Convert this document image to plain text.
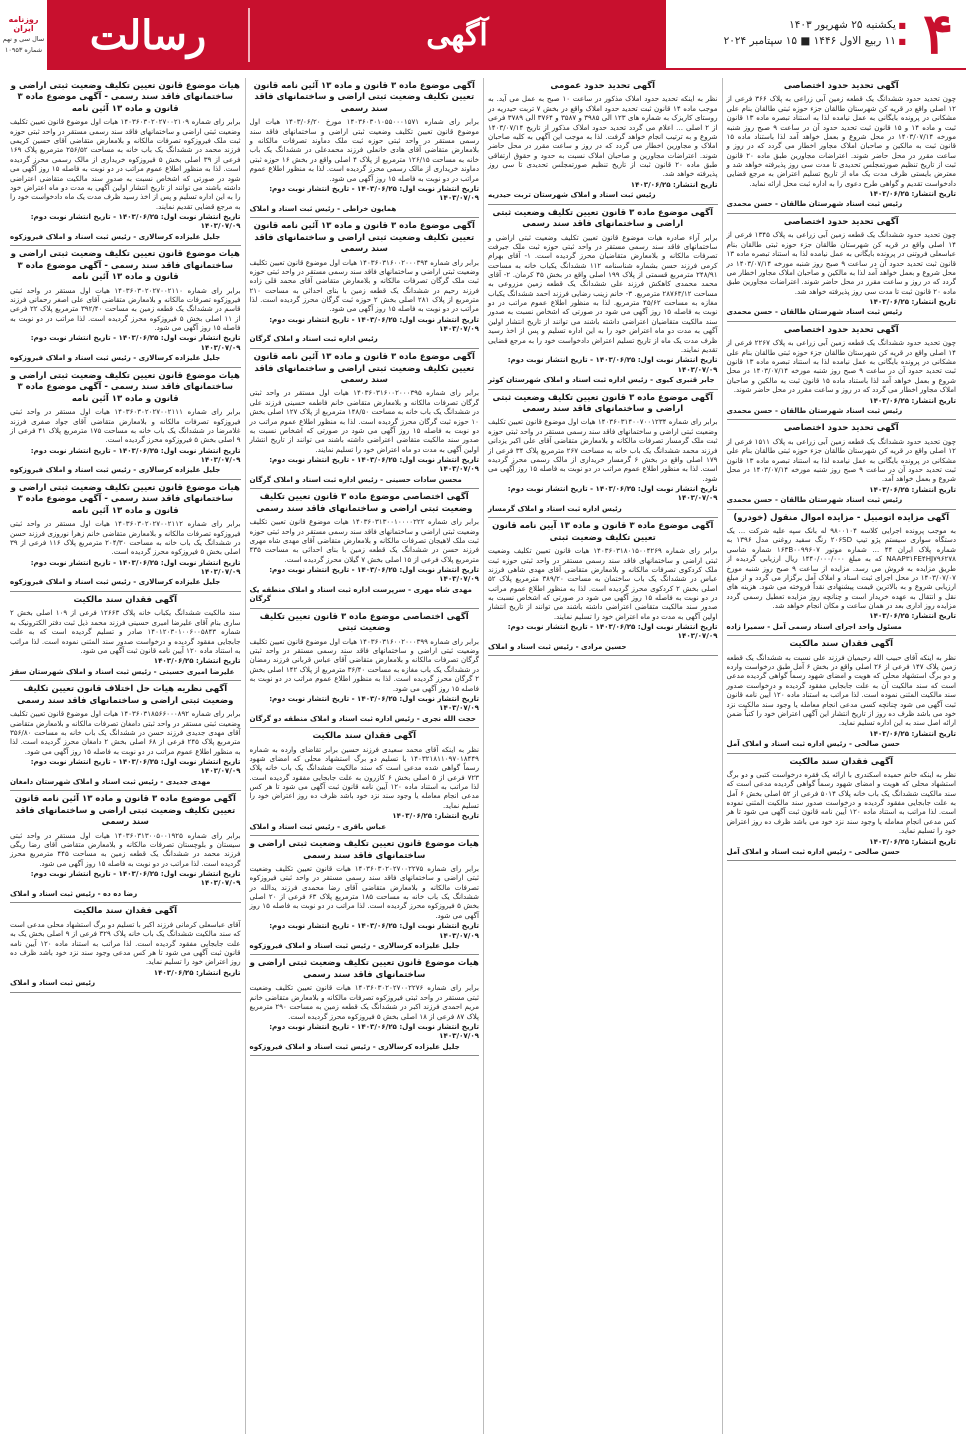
روزنامه ایران
سال سی و نهم
شماره ۱۰۹۵۳ رسالت	آگهی
■	یکشنبه ۲۵ شهریور ۱۴۰۳
■ ۱۱ ربیع الاول ۱۴۴۶ ■ ۱۵ سپتامبر ۲۰۲۴ ۴
آگهی تحدید حدود اختصاصی
چون تحدید حدود ششدانگ یک قطعه زمین آبی زراعی به پلاک ۳۶۶ فرعی از ۱۲ اصلی واقع در قریه کن شهرستان طالقان جزء حوزه ثبتی طالقان بنام علی مشکانی در پرونده بایگانی به عمل نیامده لذا به استناد تبصره ماده ۱۳ قانون ثبت و ماده ۱۴ و ۱۵ قانون ثبت تحدید حدود آن در ساعت ۹ صبح روز شنبه مورخه ۱۴۰۳/۰۷/۱۴ در محل شروع و بعمل خواهد آمد لذا باستناد ماده ۱۵ قانون ثبت به مالکین و صاحبان املاک مجاور اخطار می گردد که در روز و ساعت مقرر در محل حاضر شوند. اعتراضات مجاورین طبق ماده ۲۰ قانون ثبت از تاریخ تنظیم صورتمجلس تحدیدی تا مدت سی روز پذیرفته خواهد شد و معترض بایستی ظرف مدت یک ماه از تاریخ تسلیم اعتراض به مرجع قضایی دادخواست تقدیم و گواهی طرح دعوی را به اداره ثبت محل ارائه نماید.
تاریخ انتشار: ۱۴۰۳/۰۶/۲۵
رئیس ثبت اسناد شهرستان طالقان - حسن محمدی
آگهی تحدید حدود اختصاصی
چون تحدید حدود ششدانگ یک قطعه زمین آبی زراعی به پلاک ۱۳۴۵ فرعی از ۱۴ اصلی واقع در قریه کن شهرستان طالقان جزء حوزه ثبتی طالقان بنام عباسعلی فروتنی در پرونده بایگانی به عمل نیامده لذا به استناد تبصره ماده ۱۳ قانون ثبت تحدید حدود آن در ساعت ۹ صبح روز شنبه مورخه ۱۴۰۳/۰۷/۱۴ در محل شروع و بعمل خواهد آمد لذا به مالکین و صاحبان املاک مجاور اخطار می گردد که در روز و ساعت مقرر در محل حاضر شوند. اعتراضات مجاورین طبق ماده ۲۰ قانون ثبت تا مدت سی روز پذیرفته خواهد شد.
تاریخ انتشار: ۱۴۰۳/۰۶/۲۵
رئیس ثبت اسناد شهرستان طالقان - حسن محمدی
آگهی تحدید حدود اختصاصی
چون تحدید حدود ششدانگ یک قطعه زمین آبی زراعی به پلاک ۲۲۶۷ فرعی از ۱۴ اصلی واقع در قریه کن شهرستان طالقان جزء حوزه ثبتی طالقان بنام علی مشکانی در پرونده بایگانی به عمل نیامده لذا به استناد تبصره ماده ۱۳ قانون ثبت تحدید حدود آن در ساعت ۹ صبح روز شنبه مورخه ۱۴۰۳/۰۷/۱۴ در محل شروع و بعمل خواهد آمد لذا باستناد ماده ۱۵ قانون ثبت به مالکین و صاحبان املاک مجاور اخطار می گردد که در روز و ساعت مقرر در محل حاضر شوند.
تاریخ انتشار: ۱۴۰۳/۰۶/۲۵
رئیس ثبت اسناد شهرستان طالقان - حسن محمدی
آگهی تحدید حدود اختصاصی
چون تحدید حدود ششدانگ یک قطعه زمین آبی زراعی به پلاک ۱۵۱۱ فرعی از ۱۲ اصلی واقع در قریه کن شهرستان طالقان جزء حوزه ثبتی طالقان بنام علی مشکانی در پرونده بایگانی به عمل نیامده لذا به استناد تبصره ماده ۱۳ قانون ثبت تحدید حدود آن در ساعت ۹ صبح روز شنبه مورخه ۱۴۰۳/۰۷/۱۴ در محل شروع و بعمل خواهد آمد.
تاریخ انتشار: ۱۴۰۳/۰۶/۲۵
رئیس ثبت اسناد شهرستان طالقان - حسن محمدی
آگهی مزایده اتومبیل - مزایده اموال منقول (خودرو)
به موجب پرونده اجرایی کلاسه ۹۸۰۰۱۰۴ له بانک سپه علیه شرکت ... یک دستگاه سواری سیستم پژو تیپ ۲۰۶SD رنگ سفید روغنی مدل ۱۳۹۶ به شماره پلاک ایران ۴۴ ... شماره موتور ۱۶۳B۰۰۹۹۶۰۷ شماره شاسی NAAP۳۱FE۴HJ۷۹۶۲۷۸ که به مبلغ ۱۴۴۰/۰۰۰/۰۰۰ ریال ارزیابی گردیده از طریق مزایده به فروش می رسد. مزایده از ساعت ۹ صبح روز شنبه مورخ ۱۴۰۳/۰۷/۰۷ در محل اجرای ثبت اسناد و املاک آمل برگزار می گردد و از مبلغ ارزیابی شروع و به بالاترین قیمت پیشنهادی نقداً فروخته می شود. هزینه های نقل و انتقال به عهده خریدار است و چنانچه روز مزایده تعطیل رسمی گردد مزایده روز اداری بعد در همان ساعت و مکان انجام خواهد شد.
تاریخ انتشار: ۱۴۰۳/۰۶/۲۵
مسئول واحد اجرای اسناد رسمی آمل - سمیرا زاده
آگهی فقدان سند مالکیت
نظر به اینکه آقای حبیب الله رحیمیان فرزند علی نسبت به ششدانگ یک قطعه زمین پلاک ۱۴۷ فرعی از ۲۶ اصلی واقع در بخش ۶ آمل طبق درخواست وارده و دو برگ استشهاد محلی که هویت و امضای شهود رسماً گواهی گردیده مدعی است که سند مالکیت آن به علت جابجایی مفقود گردیده و درخواست صدور سند مالکیت المثنی نموده است. لذا مراتب به استناد ماده ۱۲۰ آیین نامه قانون ثبت آگهی می شود چنانچه کسی مدعی انجام معامله یا وجود سند مالکیت نزد خود می باشد ظرف ده روز از تاریخ انتشار این آگهی اعتراض خود را کتباً ضمن ارائه اصل سند به این اداره تسلیم نماید.
تاریخ انتشار: ۱۴۰۳/۰۶/۲۵
حسن صالحی - رئیس اداره ثبت اسناد و املاک آمل
آگهی فقدان سند مالکیت
نظر به اینکه خانم حمیده اسکندری با ارائه یک فقره درخواست کتبی و دو برگ استشهاد محلی که هویت و امضای شهود رسماً گواهی گردیده مدعی است که سند مالکیت ششدانگ یک باب خانه پلاک ۵۰۱۴ فرعی از ۵۲ اصلی بخش ۶ آمل به علت جابجایی مفقود گردیده و درخواست صدور سند مالکیت المثنی نموده است. لذا مراتب به استناد ماده ۱۲۰ آیین نامه قانون ثبت آگهی می شود تا هر کس مدعی انجام معامله یا وجود سند نزد خود می باشد ظرف ده روز اعتراض خود را تسلیم نماید.
تاریخ انتشار: ۱۴۰۳/۰۶/۲۵
حسن صالحی - رئیس اداره ثبت اسناد و املاک آمل
آگهی تحدید حدود عمومی
نظر به اینکه تحدید حدود املاک مذکور در ساعت ۱۰ صبح به عمل می آید. به موجب ماده ۱۴ قانون ثبت تحدید حدود املاک واقع در بخش ۷ تربت حیدریه در روستای کاریزک به شماره های ۱۲۳ الی ۳۹۸۵ و ۳۵۸۷ و ۳۷۶۴ الی ۳۷۸۹ فرعی از ۲ اصلی ... اعلام می گردد تحدید حدود املاک مذکور از تاریخ ۱۴۰۳/۰۷/۱۴ شروع و به ترتیب انجام خواهد گرفت. لذا به موجب این آگهی به کلیه صاحبان املاک و مجاورین اخطار می گردد که در روز و ساعت مقرر در محل حاضر شوند. اعتراضات مجاورین و صاحبان املاک نسبت به حدود و حقوق ارتفاقی طبق ماده ۲۰ قانون ثبت از تاریخ تنظیم صورتمجلس تحدیدی تا سی روز پذیرفته خواهد شد.
تاریخ انتشار: ۱۴۰۳/۰۶/۲۵
رئیس ثبت اسناد و املاک شهرستان تربت حیدریه
آگهی موضوع ماده ۳ قانون تعیین تکلیف وضعیت ثبتی اراضی و ساختمانهای فاقد سند رسمی
برابر آراء صادره هیات موضوع قانون تعیین تکلیف وضعیت ثبتی اراضی و ساختمانهای فاقد سند رسمی مستقر در واحد ثبتی حوزه ثبت ملک جیرفت تصرفات مالکانه و بلامعارض متقاضیان محرز گردیده است. ۱- آقای بهرام کرمی فرزند حسن بشماره شناسنامه ۱۱۲ ششدانگ یکباب خانه به مساحت ۲۴۸/۹۱ مترمربع قسمتی از پلاک ۱۹۹ اصلی واقع در بخش ۴۵ کرمان. ۲- آقای محمد محمدی کاهکش فرزند علی ششدانگ یک قطعه زمین مزروعی به مساحت ۲۸۷۶۳/۱۲ مترمربع. ۳- خانم زینب رضایی فرزند احمد ششدانگ یکباب مغازه به مساحت ۴۵/۶۲ مترمربع. لذا به منظور اطلاع عموم مراتب در دو نوبت به فاصله ۱۵ روز آگهی می شود در صورتی که اشخاص نسبت به صدور سند مالکیت متقاضیان اعتراضی داشته باشند می توانند از تاریخ انتشار اولین آگهی به مدت دو ماه اعتراض خود را به این اداره تسلیم و پس از اخذ رسید ظرف مدت یک ماه از تاریخ تسلیم اعتراض دادخواست خود را به مرجع قضایی تقدیم نمایند.
تاریخ انتشار نوبت اول: ۱۴۰۳/۰۶/۲۵ - تاریخ انتشار نوبت دوم: ۱۴۰۳/۰۷/۰۹
جابر قنبری کیوی - رئیس اداره ثبت اسناد و املاک شهرستان کوثر
آگهی موضوع ماده ۳ قانون تعیین تکلیف وضعیت ثبتی اراضی و ساختمانهای فاقد سند رسمی
برابر رای شماره ۱۴۰۳۶۰۳۱۴۰۰۷۰۰۱۲۳۴ هیات اول موضوع قانون تعیین تکلیف وضعیت ثبتی اراضی و ساختمانهای فاقد سند رسمی مستقر در واحد ثبتی حوزه ثبت ملک گرمسار تصرفات مالکانه و بلامعارض متقاضی آقای علی اکبر یزدانی فرزند محمد ششدانگ یک باب خانه به مساحت ۲۶۷ مترمربع پلاک ۳۴ فرعی از ۱۷۹ اصلی واقع در بخش ۶ گرمسار خریداری از مالک رسمی محرز گردیده است. لذا به منظور اطلاع عموم مراتب در دو نوبت به فاصله ۱۵ روز آگهی می شود.
تاریخ انتشار نوبت اول: ۱۴۰۳/۰۶/۲۵ - تاریخ انتشار نوبت دوم: ۱۴۰۳/۰۷/۰۹
رئیس اداره ثبت اسناد و املاک گرمسار
آگهی موضوع ماده ۳ قانون و ماده ۱۳ آیین نامه قانون تعیین تکلیف وضعیت ثبتی
برابر رای شماره ۱۴۰۳۶۰۳۱۸۰۱۵۰۰۴۲۶۹ هیات قانون تعیین تکلیف وضعیت ثبتی اراضی و ساختمانهای فاقد سند رسمی مستقر در واحد ثبتی حوزه ثبت ملک کردکوی تصرفات مالکانه و بلامعارض متقاضی آقای مهدی شاهی فرزند عباس در ششدانگ یک باب ساختمان به مساحت ۳۸۹/۲۰ مترمربع پلاک ۵۲ اصلی بخش ۲ کردکوی محرز گردیده است. لذا به منظور اطلاع عموم مراتب در دو نوبت به فاصله ۱۵ روز آگهی می شود در صورتی که اشخاص نسبت به صدور سند مالکیت متقاضی اعتراضی داشته باشند می توانند از تاریخ انتشار اولین آگهی به مدت دو ماه اعتراض خود را تسلیم نمایند.
تاریخ انتشار نوبت اول: ۱۴۰۳/۰۶/۲۵ - تاریخ انتشار نوبت دوم: ۱۴۰۳/۰۷/۰۹
حسین مرادی - رئیس ثبت اسناد و املاک
آگهی موضوع ماده ۳ قانون و ماده ۱۳ آئین نامه قانون تعیین تکلیف وضعیت ثبتی اراضی و ساختمانهای فاقد سند رسمی
برابر رای شماره ۱۴۰۳۶۰۳۰۱۰۵۵۰۰۰۱۵۷۱ مورخ ۱۴۰۳/۰۶/۲۰ هیات اول موضوع قانون تعیین تکلیف وضعیت ثبتی اراضی و ساختمانهای فاقد سند رسمی مستقر در واحد ثبتی حوزه ثبت ملک دماوند تصرفات مالکانه و بلامعارض متقاضی آقای هادی خانعلی فرزند محمدعلی در ششدانگ یک باب خانه به مساحت ۱۲۶/۱۵ مترمربع از پلاک ۴ اصلی واقع در بخش ۱۶ حوزه ثبتی دماوند خریداری از مالک رسمی محرز گردیده است. لذا به منظور اطلاع عموم مراتب در دو نوبت به فاصله ۱۵ روز آگهی می شود.
تاریخ انتشار نوبت اول: ۱۴۰۳/۰۶/۲۵ - تاریخ انتشار نوبت دوم: ۱۴۰۳/۰۷/۰۹
همایون خراطی - رئیس ثبت اسناد و املاک
آگهی موضوع ماده ۳ قانون و ماده ۱۳ آئین نامه قانون تعیین تکلیف وضعیت ثبتی اراضی و ساختمانهای فاقد سند رسمی
برابر رای شماره ۱۴۰۳۶۰۳۱۶۰۰۲۰۰۰۳۹۴ هیات اول موضوع قانون تعیین تکلیف وضعیت ثبتی اراضی و ساختمانهای فاقد سند رسمی مستقر در واحد ثبتی حوزه ثبت ملک گرگان تصرفات مالکانه و بلامعارض متقاضی آقای محمد قلی زاده فرزند رحیم در ششدانگ یک قطعه زمین با بنای احداثی به مساحت ۲۱۰ مترمربع از پلاک ۲۸۱ اصلی بخش ۲ حوزه ثبت گرگان محرز گردیده است. لذا مراتب در دو نوبت به فاصله ۱۵ روز آگهی می شود.
تاریخ انتشار نوبت اول: ۱۴۰۳/۰۶/۲۵ - تاریخ انتشار نوبت دوم: ۱۴۰۳/۰۷/۰۹
رئیس اداره ثبت اسناد و املاک گرگان
آگهی موضوع ماده ۳ قانون و ماده ۱۳ آئین نامه قانون تعیین تکلیف وضعیت ثبتی اراضی و ساختمانهای فاقد سند رسمی
برابر رای شماره ۱۴۰۳۶۰۳۱۶۰۰۲۰۰۰۳۹۵ هیات اول مستقر در واحد ثبتی گرگان تصرفات مالکانه و بلامعارض متقاضی خانم فاطمه حسینی فرزند علی در ششدانگ یک باب خانه به مساحت ۱۴۸/۵۰ مترمربع از پلاک ۱۲۷ اصلی بخش ۱۰ حوزه ثبت گرگان محرز گردیده است. لذا به منظور اطلاع عموم مراتب در دو نوبت به فاصله ۱۵ روز آگهی می شود در صورتی که اشخاص نسبت به صدور سند مالکیت متقاضی اعتراضی داشته باشند می توانند از تاریخ انتشار اولین آگهی به مدت دو ماه اعتراض خود را تسلیم نمایند.
تاریخ انتشار نوبت اول: ۱۴۰۳/۰۶/۲۵ - تاریخ انتشار نوبت دوم: ۱۴۰۳/۰۷/۰۹
محسن سادات حسینی - رئیس اداره ثبت اسناد و املاک گرگان
آگهی اختصاصی موضوع ماده ۳ قانون تعیین تکلیف وضعیت ثبتی اراضی و ساختمانهای فاقد سند رسمی
برابر رای شماره ۱۴۰۳۶۰۳۱۳۰۰۱۰۰۰۰۲۲۲ هیات موضوع قانون تعیین تکلیف وضعیت ثبتی اراضی و ساختمانهای فاقد سند رسمی مستقر در واحد ثبتی حوزه ثبت ملک لاهیجان تصرفات مالکانه و بلامعارض متقاضی آقای مهدی شاه مهری فرزند حسن در ششدانگ یک قطعه زمین با بنای احداثی به مساحت ۴۳۵ مترمربع پلاک فرعی از ۱۵ اصلی بخش ۷ گیلان محرز گردیده است.
تاریخ انتشار نوبت اول: ۱۴۰۳/۰۶/۲۵ - تاریخ انتشار نوبت دوم: ۱۴۰۳/۰۷/۰۹
مهدی شاه مهری - سرپرست اداره ثبت اسناد و املاک منطقه یک گرگان
آگهی اختصاصی موضوع ماده ۳ قانون تعیین تکلیف وضعیت ثبتی
برابر رای شماره ۱۴۰۳۶۰۳۱۶۰۰۲۰۰۰۳۹۹ هیات اول موضوع قانون تعیین تکلیف وضعیت ثبتی اراضی و ساختمانهای فاقد سند رسمی مستقر در واحد ثبتی گرگان تصرفات مالکانه و بلامعارض متقاضی آقای عباس قربانی فرزند رمضان در ششدانگ یک باب مغازه به مساحت ۳۶/۴۰ مترمربع از پلاک ۱۴۲ اصلی بخش ۲ گرگان محرز گردیده است. لذا به منظور اطلاع عموم مراتب در دو نوبت به فاصله ۱۵ روز آگهی می شود.
تاریخ انتشار نوبت اول: ۱۴۰۳/۰۶/۲۵ - تاریخ انتشار نوبت دوم: ۱۴۰۳/۰۷/۰۹
حجت الله نجری - رئیس اداره ثبت اسناد و املاک منطقه دو گرگان
آگهی فقدان سند مالکیت
نظر به اینکه آقای محمد سعیدی فرزند حسین برابر تقاضای وارده به شماره ۱۴۰۳۲۱۸۱۱۰۹۷۰۱۸۴۴۹ با تسلیم دو برگ استشهاد محلی که امضای شهود رسماً گواهی شده مدعی است که سند مالکیت ششدانگ یک باب خانه پلاک ۷۲۳ فرعی از ۵ اصلی بخش ۶ کازرون به علت جابجایی مفقود گردیده است. لذا مراتب به استناد ماده ۱۲۰ آیین نامه قانون ثبت آگهی می شود تا هر کس مدعی انجام معامله یا وجود سند نزد خود باشد ظرف ده روز اعتراض خود را تسلیم نماید.
تاریخ انتشار: ۱۴۰۳/۰۶/۲۵
عباس باقری - رئیس ثبت اسناد و املاک
هیات موضوع قانون تعیین تکلیف وضعیت ثبتی اراضی و ساختمانهای فاقد سند رسمی
برابر رای شماره ۱۴۰۳۶۰۳۰۲۰۲۷۰۰۲۲۷۵ هیات قانون تعیین تکلیف وضعیت ثبتی اراضی و ساختمانهای فاقد سند رسمی مستقر در واحد ثبتی فیروزکوه تصرفات مالکانه و بلامعارض متقاضی آقای رضا محمدی فرزند یدالله در ششدانگ یک باب خانه به مساحت ۱۸۵ مترمربع پلاک ۶۳ فرعی از ۲۰ اصلی بخش ۵ فیروزکوه محرز گردیده است. لذا مراتب در دو نوبت به فاصله ۱۵ روز آگهی می شود.
تاریخ انتشار نوبت اول: ۱۴۰۳/۰۶/۲۵ - تاریخ انتشار نوبت دوم: ۱۴۰۳/۰۷/۰۹
جلیل علیزاده کرسالاری - رئیس ثبت اسناد و املاک فیروزکوه
هیات موضوع قانون تعیین تکلیف وضعیت ثبتی اراضی و ساختمانهای فاقد سند رسمی
برابر رای شماره ۱۴۰۳۶۰۳۰۲۰۲۷۰۰۲۲۷۶ هیات قانون تعیین تکلیف وضعیت ثبتی مستقر در واحد ثبتی فیروزکوه تصرفات مالکانه و بلامعارض متقاضی خانم مریم احمدی فرزند اکبر در ششدانگ یک قطعه زمین به مساحت ۲۹۰ مترمربع پلاک ۸۷ فرعی از ۱۸ اصلی بخش ۵ فیروزکوه محرز گردیده است.
تاریخ انتشار نوبت اول: ۱۴۰۳/۰۶/۲۵ - تاریخ انتشار نوبت دوم: ۱۴۰۳/۰۷/۰۹
جلیل علیزاده کرسالاری - رئیس ثبت اسناد و املاک فیروزکوه
هیات موضوع قانون تعیین تکلیف وضعیت ثبتی اراضی و ساختمانهای فاقد سند رسمی - آگهی موضوع ماده ۳ قانون و ماده ۱۳ آئین نامه
برابر رای شماره ۱۴۰۳۶۰۳۰۲۰۲۷۰۰۲۱۰۹ هیات اول موضوع قانون تعیین تکلیف وضعیت ثبتی اراضی و ساختمانهای فاقد سند رسمی مستقر در واحد ثبتی حوزه ثبت ملک فیروزکوه تصرفات مالکانه و بلامعارض متقاضی آقای حسین کریمی فرزند محمد در ششدانگ یک باب خانه به مساحت ۲۵۶/۵۲ مترمربع پلاک ۱۶۹ فرعی از ۳۹ اصلی بخش ۵ فیروزکوه خریداری از مالک رسمی محرز گردیده است. لذا به منظور اطلاع عموم مراتب در دو نوبت به فاصله ۱۵ روز آگهی می شود در صورتی که اشخاص نسبت به صدور سند مالکیت متقاضی اعتراضی داشته باشند می توانند از تاریخ انتشار اولین آگهی به مدت دو ماه اعتراض خود را به این اداره تسلیم و پس از اخذ رسید ظرف مدت یک ماه دادخواست خود را به مرجع قضایی تقدیم نمایند.
تاریخ انتشار نوبت اول: ۱۴۰۳/۰۶/۲۵ - تاریخ انتشار نوبت دوم: ۱۴۰۳/۰۷/۰۹
جلیل علیزاده کرسالاری - رئیس ثبت اسناد و املاک فیروزکوه
هیات موضوع قانون تعیین تکلیف وضعیت ثبتی اراضی و ساختمانهای فاقد سند رسمی - آگهی موضوع ماده ۳ قانون و ماده ۱۳ آئین نامه
برابر رای شماره ۱۴۰۳۶۰۳۰۲۰۲۷۰۰۲۱۱۰ هیات اول مستقر در واحد ثبتی فیروزکوه تصرفات مالکانه و بلامعارض متقاضی آقای علی اصغر رحمانی فرزند قاسم در ششدانگ یک قطعه زمین به مساحت ۳۹۲/۴۰ مترمربع پلاک ۲۲ فرعی از ۱۱ اصلی بخش ۵ فیروزکوه محرز گردیده است. لذا مراتب در دو نوبت به فاصله ۱۵ روز آگهی می شود.
تاریخ انتشار نوبت اول: ۱۴۰۳/۰۶/۲۵ - تاریخ انتشار نوبت دوم: ۱۴۰۳/۰۷/۰۹
جلیل علیزاده کرسالاری - رئیس ثبت اسناد و املاک فیروزکوه
هیات موضوع قانون تعیین تکلیف وضعیت ثبتی اراضی و ساختمانهای فاقد سند رسمی - آگهی موضوع ماده ۳ قانون و ماده ۱۳ آئین نامه
برابر رای شماره ۱۴۰۳۶۰۳۰۲۰۲۷۰۰۲۱۱۱ هیات اول مستقر در واحد ثبتی فیروزکوه تصرفات مالکانه و بلامعارض متقاضی آقای جواد صفری فرزند غلامرضا در ششدانگ یک باب خانه به مساحت ۱۷۵ مترمربع پلاک ۴۱ فرعی از ۹ اصلی بخش ۵ فیروزکوه محرز گردیده است.
تاریخ انتشار نوبت اول: ۱۴۰۳/۰۶/۲۵ - تاریخ انتشار نوبت دوم: ۱۴۰۳/۰۷/۰۹
جلیل علیزاده کرسالاری - رئیس ثبت اسناد و املاک فیروزکوه
هیات موضوع قانون تعیین تکلیف وضعیت ثبتی اراضی و ساختمانهای فاقد سند رسمی - آگهی موضوع ماده ۳ قانون و ماده ۱۳ آئین نامه
برابر رای شماره ۱۴۰۳۶۰۳۰۲۰۲۷۰۰۲۱۱۲ هیات اول مستقر در واحد ثبتی فیروزکوه تصرفات مالکانه و بلامعارض متقاضی خانم زهرا نوروزی فرزند حسن در ششدانگ یک باب خانه به مساحت ۲۰۴/۳۰ مترمربع پلاک ۱۱۶ فرعی از ۳۹ اصلی بخش ۵ فیروزکوه محرز گردیده است.
تاریخ انتشار نوبت اول: ۱۴۰۳/۰۶/۲۵ - تاریخ انتشار نوبت دوم: ۱۴۰۳/۰۷/۰۹
جلیل علیزاده کرسالاری - رئیس ثبت اسناد و املاک فیروزکوه
آگهی فقدان سند مالکیت
سند مالکیت ششدانگ یکباب خانه پلاک ۱۲۶۶۳ فرعی از ۱۰۹ اصلی بخش ۲ ساری بنام آقای علیرضا امیری حسینی فرزند محمد ذیل ثبت دفتر الکترونیک به شماره ۱۴۰۱۲۰۳۰۱۰۰۶۰۰۵۸۴۳ صادر و تسلیم گردیده است که به علت جابجایی مفقود گردیده و درخواست صدور سند المثنی نموده است. لذا مراتب به استناد ماده ۱۲۰ آیین نامه قانون ثبت آگهی می شود.
تاریخ انتشار: ۱۴۰۳/۰۶/۲۵
علیرضا امیری حسینی - رئیس ثبت اسناد و املاک شهرستان سقز
آگهی نظریه هیات حل اختلاف قانون تعیین تکلیف وضعیت ثبتی اراضی و ساختمانهای فاقد سند رسمی
برابر رای شماره ۱۴۰۳۶۰۳۱۸۵۶۶۰۰۰۸۹۲ هیات اول موضوع قانون تعیین تکلیف وضعیت ثبتی مستقر در واحد ثبتی دامغان تصرفات مالکانه و بلامعارض متقاضی آقای مهدی جدیدی فرزند حسن در ششدانگ یک باب خانه به مساحت ۳۵۶/۸۰ مترمربع پلاک ۲۴۵ فرعی از ۶۸ اصلی بخش ۲ دامغان محرز گردیده است. لذا به منظور اطلاع عموم مراتب در دو نوبت به فاصله ۱۵ روز آگهی می شود.
تاریخ انتشار نوبت اول: ۱۴۰۳/۰۶/۲۵ - تاریخ انتشار نوبت دوم: ۱۴۰۳/۰۷/۰۹
مهدی جدیدی - رئیس ثبت اسناد و املاک شهرستان دامغان
آگهی موضوع ماده ۳ قانون و ماده ۱۳ آئین نامه قانون تعیین تکلیف وضعیت ثبتی اراضی و ساختمانهای فاقد سند رسمی
برابر رای شماره ۱۴۰۳۶۰۳۱۳۰۰۵۰۰۱۹۲۵ هیات اول مستقر در واحد ثبتی سیستان و بلوچستان تصرفات مالکانه و بلامعارض متقاضی آقای رضا ریگی فرزند محمد در ششدانگ یک قطعه زمین به مساحت ۴۴۵ مترمربع محرز گردیده است. لذا مراتب در دو نوبت به فاصله ۱۵ روز آگهی می شود.
تاریخ انتشار نوبت اول: ۱۴۰۳/۰۶/۲۵ - تاریخ انتشار نوبت دوم: ۱۴۰۳/۰۷/۰۹
رضا ده ده - رئیس ثبت اسناد و املاک
آگهی فقدان سند مالکیت
آقای عباسعلی کرمانی فرزند اکبر با تسلیم دو برگ استشهاد محلی مدعی است که سند مالکیت ششدانگ یک باب خانه پلاک ۳۲۹ فرعی از ۹ اصلی بخش یک به علت جابجایی مفقود گردیده است. لذا مراتب به استناد ماده ۱۲۰ آیین نامه قانون ثبت آگهی می شود تا هر کس مدعی وجود سند نزد خود باشد ظرف ده روز اعتراض خود را تسلیم نماید.
تاریخ انتشار: ۱۴۰۳/۰۶/۲۵
رئیس ثبت اسناد و املاک
